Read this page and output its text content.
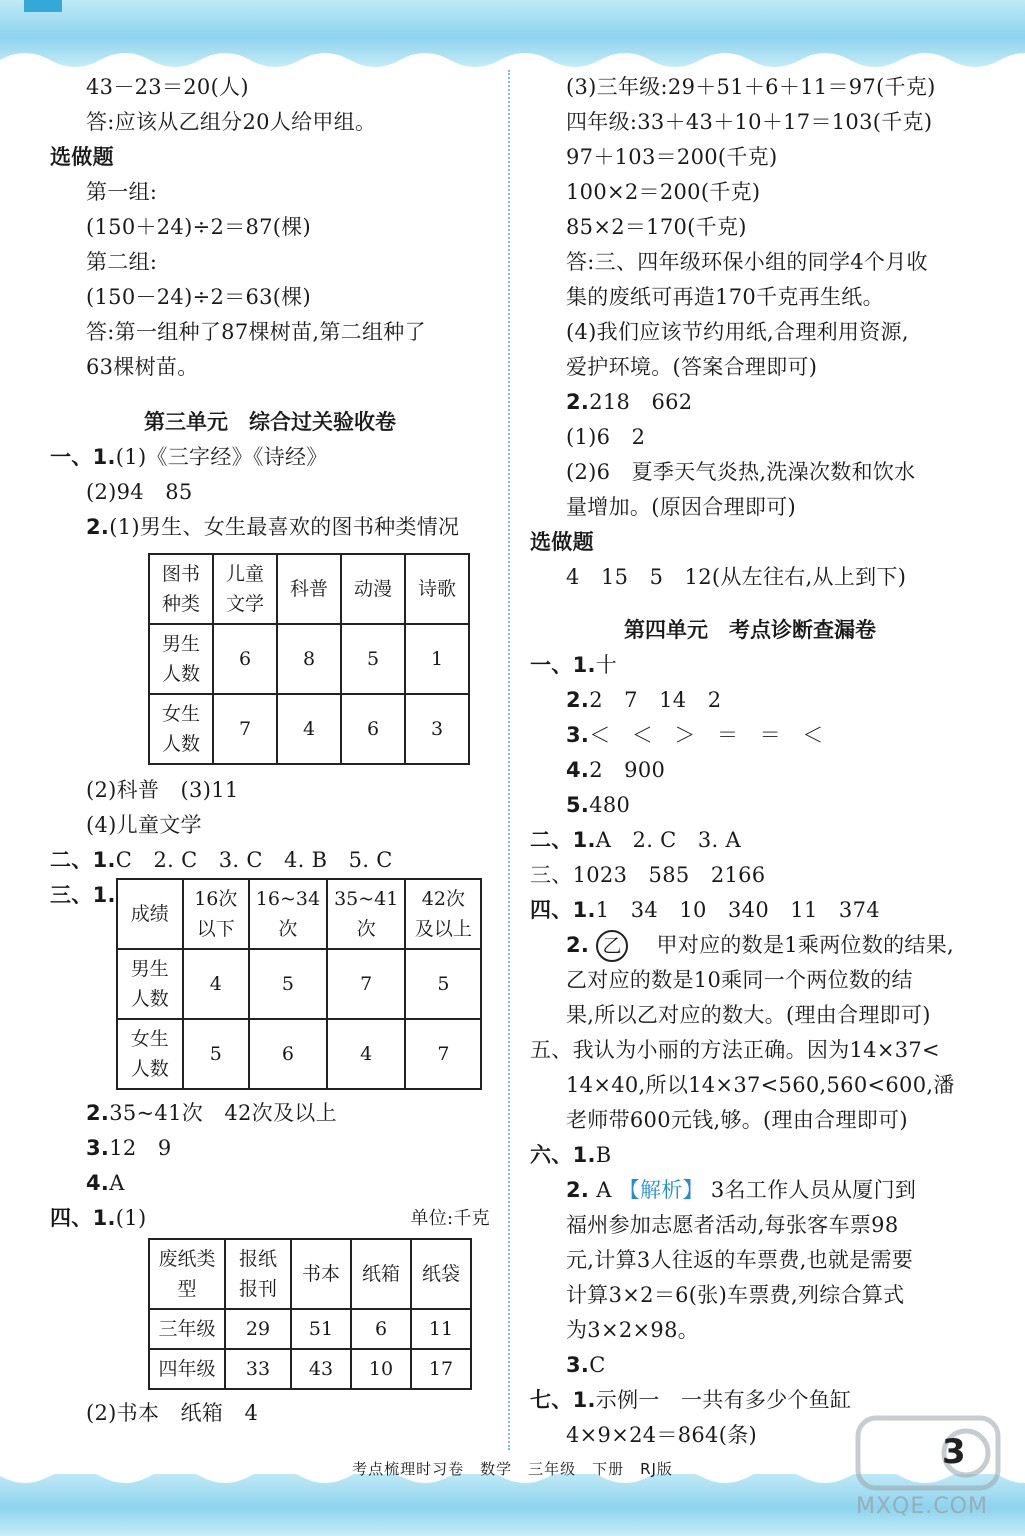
43－23＝20(人)
答:应该从乙组分20人给甲组。
选做题
第一组:
(150＋24)÷2＝87(棵)
第二组:
(150－24)÷2＝63(棵)
答:第一组种了87棵树苗,第二组种了
63棵树苗。
第三单元　综合过关验收卷
一、1.(1)《三字经》《诗经》
(2)94　85
2.(1)男生、女生最喜欢的图书种类情况
图书种类	儿童文学	科普	动漫	诗歌
男生人数	6	8	5	1
女生人数	7	4	6	3
(2)科普　(3)11
(4)儿童文学
二、1.C　2. C　3. C　4. B　5. C
三、1.
成绩	16次以下	16~34次	35~41次	42次及以上
男生人数	4	5	7	5
女生人数	5	6	4	7
2.35~41次　42次及以上
3.12　9
4.A
四、1.(1)	单位:千克
废纸类型	报纸报刊	书本	纸箱	纸袋
三年级	29	51	6	11
四年级	33	43	10	17
(2)书本　纸箱　4
(3)三年级:29＋51＋6＋11＝97(千克)
四年级:33＋43＋10＋17＝103(千克)
97＋103＝200(千克)
100×2＝200(千克)
85×2＝170(千克)
答:三、四年级环保小组的同学4个月收
集的废纸可再造170千克再生纸。
(4)我们应该节约用纸,合理利用资源,
爱护环境。(答案合理即可)
2.218　662
(1)6　2
(2)6　夏季天气炎热,洗澡次数和饮水
量增加。(原因合理即可)
选做题
4　15　5　12(从左往右,从上到下)
第四单元　考点诊断查漏卷
一、1.十
2.2　7　14　2
3.＜　＜　＞　＝　＝　＜
4.2　900
5.480
二、1.A　2. C　3. A
三、1023　585　2166
四、1.1　34　10　340　11　374
2. 乙 　甲对应的数是1乘两位数的结果,
乙对应的数是10乘同一个两位数的结
果,所以乙对应的数大。(理由合理即可)
五、我认为小丽的方法正确。因为14×37<
14×40,所以14×37<560,560<600,潘
老师带600元钱,够。(理由合理即可)
六、1.B
2. A 【解析】 3名工作人员从厦门到
福州参加志愿者活动,每张客车票98
元,计算3人往返的车票费,也就是需要
计算3×2＝6(张)车票费,列综合算式
为3×2×98。
3.C
七、1.示例一　一共有多少个鱼缸
4×9×24＝864(条)
考点梳理时习卷　数学　三年级　下册　RJ版	3
MXQE.COM
